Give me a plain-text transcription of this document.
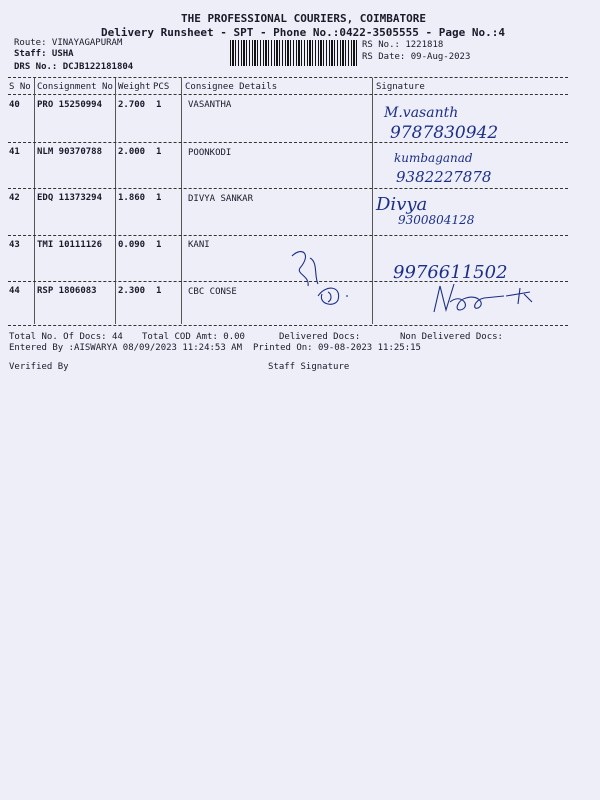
THE PROFESSIONAL COURIERS, COIMBATORE
Delivery Runsheet - SPT - Phone No.:0422-3505555 - Page No.:4
Route: VINAYAGAPURAM
Staff: USHA
DRS No.: DCJB122181804
RS No.: 1221818
RS Date: 09-Aug-2023
S No Consignment No Weight PCS Consignee Details	Signature
40 PRO 15250994 2.700 1	VASANTHA	M.vasanth
9787830942
41 NLM 90370788 2.000 1	POONKODI	kumbaganad
9382227878
42 EDQ 11373294 1.860 1	DIVYA SANKAR	Divya
9300804128
43 TMI 10111126 0.090 1	KANI
9976611502
44 RSP 1806083 2.300 1	CBC CONSE
Total No. Of Docs: 44 Total COD Amt: 0.00	Delivered Docs:	Non Delivered Docs:
Entered By :AISWARYA 08/09/2023 11:24:53 AM Printed On: 09-08-2023 11:25:15
Verified By	Staff Signature
